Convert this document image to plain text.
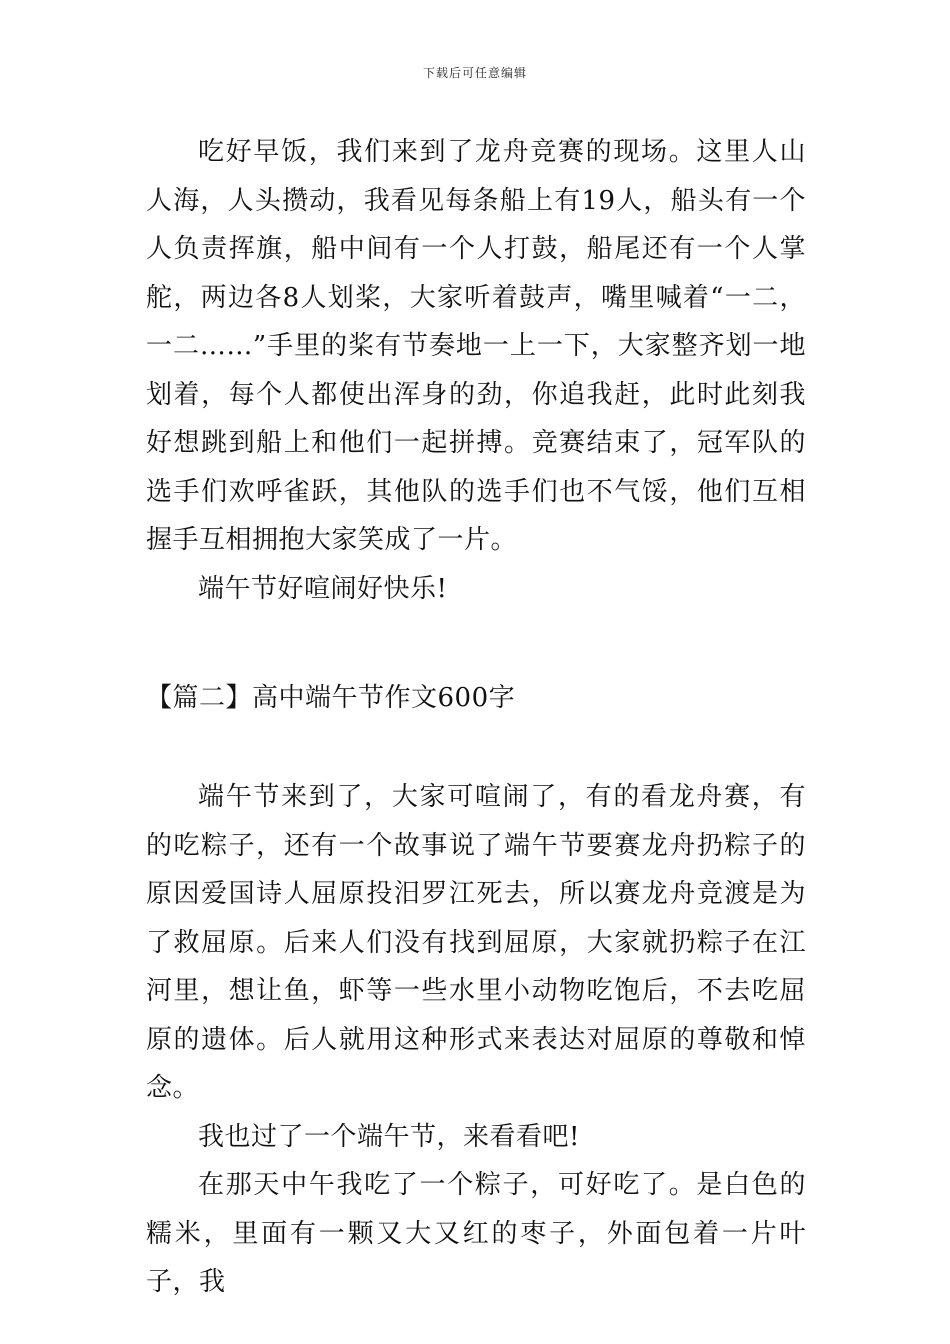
下载后可任意编辑

吃好早饭，我们来到了龙舟竞赛的现场。这里人山人海，人头攒动，我看见每条船上有19人，船头有一个人负责挥旗，船中间有一个人打鼓，船尾还有一个人掌舵，两边各8人划桨，大家听着鼓声，嘴里喊着“一二，一二……”手里的桨有节奏地一上一下，大家整齐划一地划着，每个人都使出浑身的劲，你追我赶，此时此刻我好想跳到船上和他们一起拼搏。竞赛结束了，冠军队的选手们欢呼雀跃，其他队的选手们也不气馁，他们互相握手互相拥抱大家笑成了一片。

端午节好喧闹好快乐!

【篇二】高中端午节作文600字

端午节来到了，大家可喧闹了，有的看龙舟赛，有的吃粽子，还有一个故事说了端午节要赛龙舟扔粽子的原因爱国诗人屈原投汨罗江死去，所以赛龙舟竞渡是为了救屈原。后来人们没有找到屈原，大家就扔粽子在江河里，想让鱼，虾等一些水里小动物吃饱后，不去吃屈原的遗体。后人就用这种形式来表达对屈原的尊敬和悼念。

我也过了一个端午节，来看看吧!

在那天中午我吃了一个粽子，可好吃了。是白色的糯米，里面有一颗又大又红的枣子，外面包着一片叶子，我
